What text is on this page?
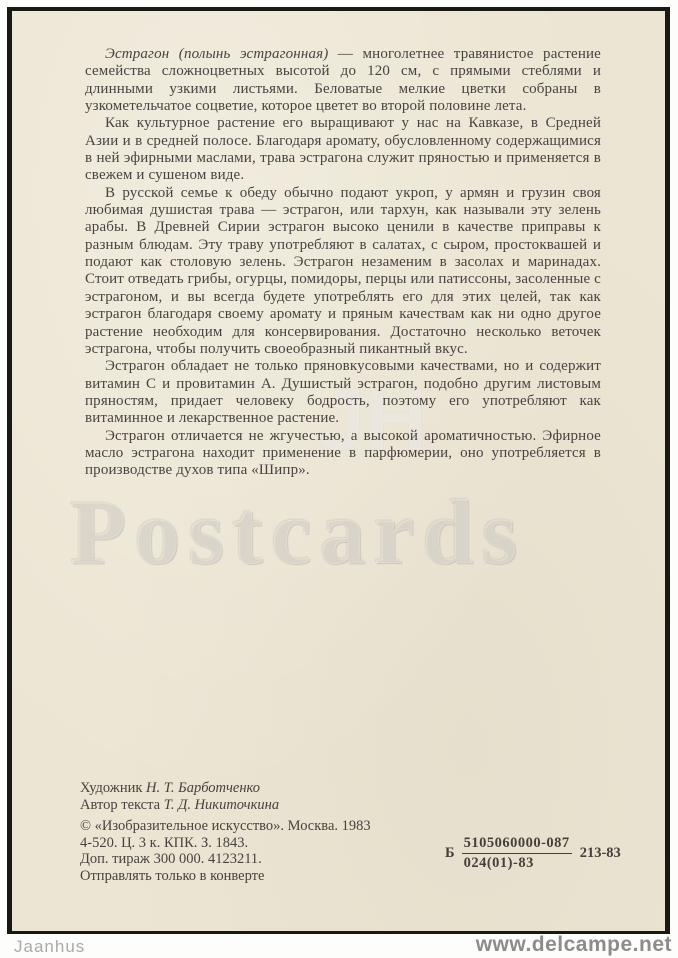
JH
Postcards

Эстрагон (полынь эстрагонная) — многолетнее травянистое растение семейства сложноцветных высотой до 120 см, с прямыми стеблями и длинными узкими листьями. Беловатые мелкие цветки собраны в узкометельчатое соцветие, которое цветет во второй половине лета.

Как культурное растение его выращивают у нас на Кавказе, в Средней Азии и в средней полосе. Благодаря аромату, обусловленному содержащимися в ней эфирными маслами, трава эстрагона служит пряностью и применяется в свежем и сушеном виде.

В русской семье к обеду обычно подают укроп, у армян и грузин своя любимая душистая трава — эстрагон, или тархун, как называли эту зелень арабы. В Древней Сирии эстрагон высоко ценили в качестве приправы к разным блюдам. Эту траву употребляют в салатах, с сыром, простоквашей и подают как столовую зелень. Эстрагон незаменим в засолах и маринадах. Стоит отведать грибы, огурцы, помидоры, перцы или патиссоны, засоленные с эстрагоном, и вы всегда будете употреблять его для этих целей, так как эстрагон благодаря своему аромату и пряным качествам как ни одно другое растение необходим для консервирования. Достаточно несколько веточек эстрагона, чтобы получить своеобразный пикантный вкус.

Эстрагон обладает не только пряновкусовыми качествами, но и содержит витамин С и провитамин А. Душистый эстрагон, подобно другим листовым пряностям, придает человеку бодрость, поэтому его употребляют как витаминное и лекарственное растение.

Эстрагон отличается не жгучестью, а высокой ароматичностью. Эфирное масло эстрагона находит применение в парфюмерии, оно употребляется в производстве духов типа «Шипр».

Художник Н. Т. Барботченко
Автор текста Т. Д. Никиточкина
© «Изобразительное искусство». Москва. 1983
4-520. Ц. 3 к. КПК. З. 1843.
Доп. тираж 300 000. 4123211.
Отправлять только в конверте
Б $\frac{5105060000-087}{024(01)-83} 213-83$
Jaanhus	www.delcampe.net
